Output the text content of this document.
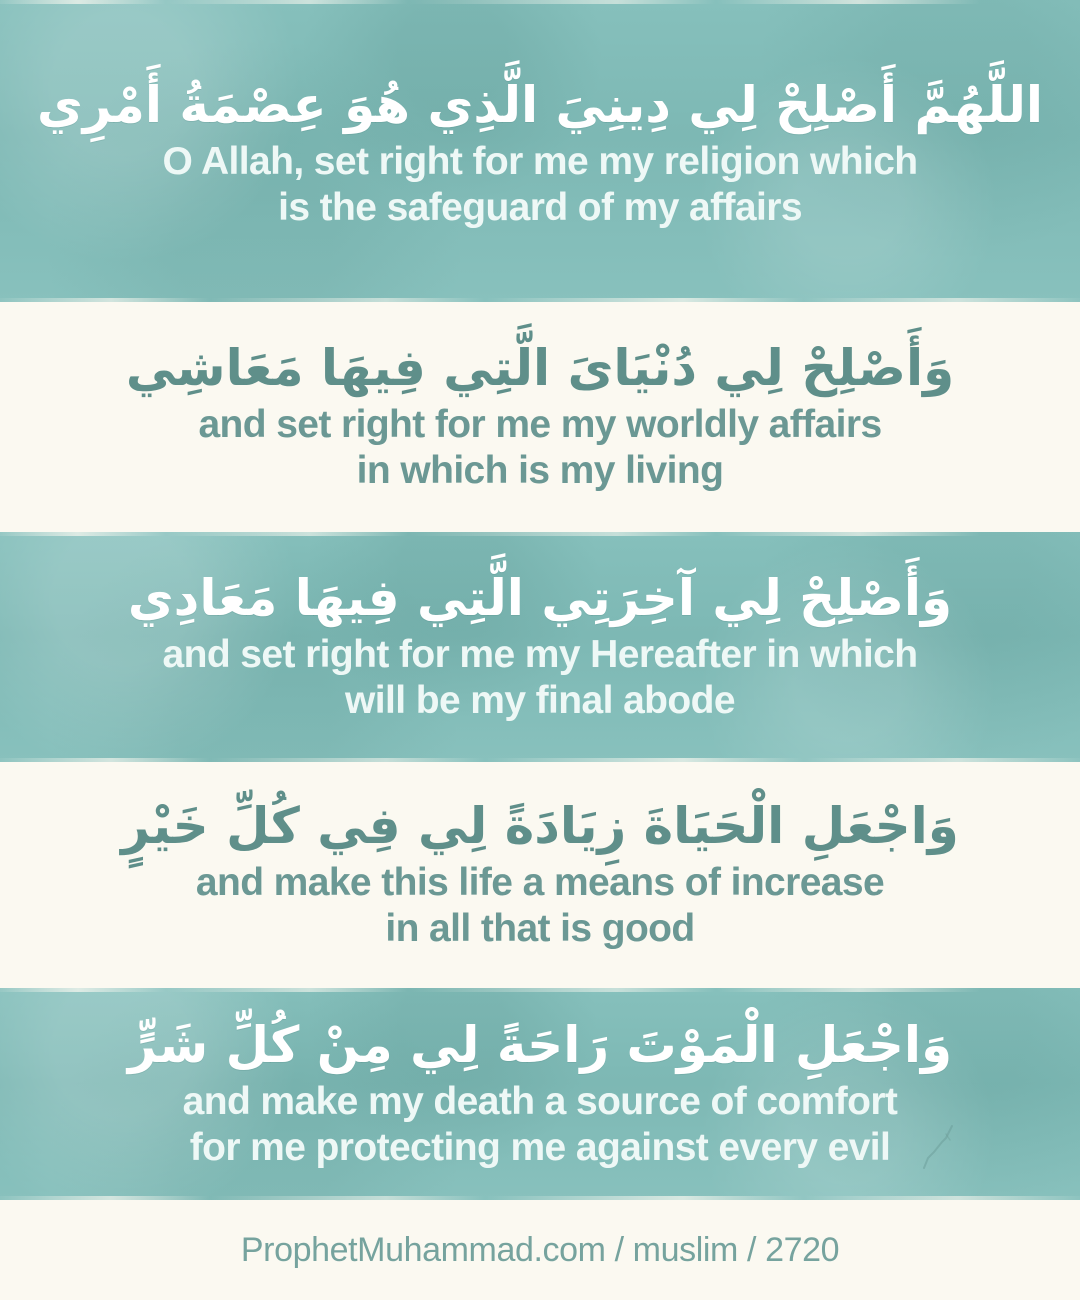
اللَّهُمَّ أَصْلِحْ لِي دِينِيَ الَّذِي هُوَ عِصْمَةُ أَمْرِي
O Allah, set right for me my religion which
is the safeguard of my affairs
وَأَصْلِحْ لِي دُنْيَاىَ الَّتِي فِيهَا مَعَاشِي
and set right for me my worldly affairs
in which is my living
وَأَصْلِحْ لِي آخِرَتِي الَّتِي فِيهَا مَعَادِي
and set right for me my Hereafter in which
will be my final abode
وَاجْعَلِ الْحَيَاةَ زِيَادَةً لِي فِي كُلِّ خَيْرٍ
and make this life a means of increase
in all that is good
وَاجْعَلِ الْمَوْتَ رَاحَةً لِي مِنْ كُلِّ شَرٍّ
and make my death a source of comfort
for me protecting me against every evil
ProphetMuhammad.com / muslim / 2720
